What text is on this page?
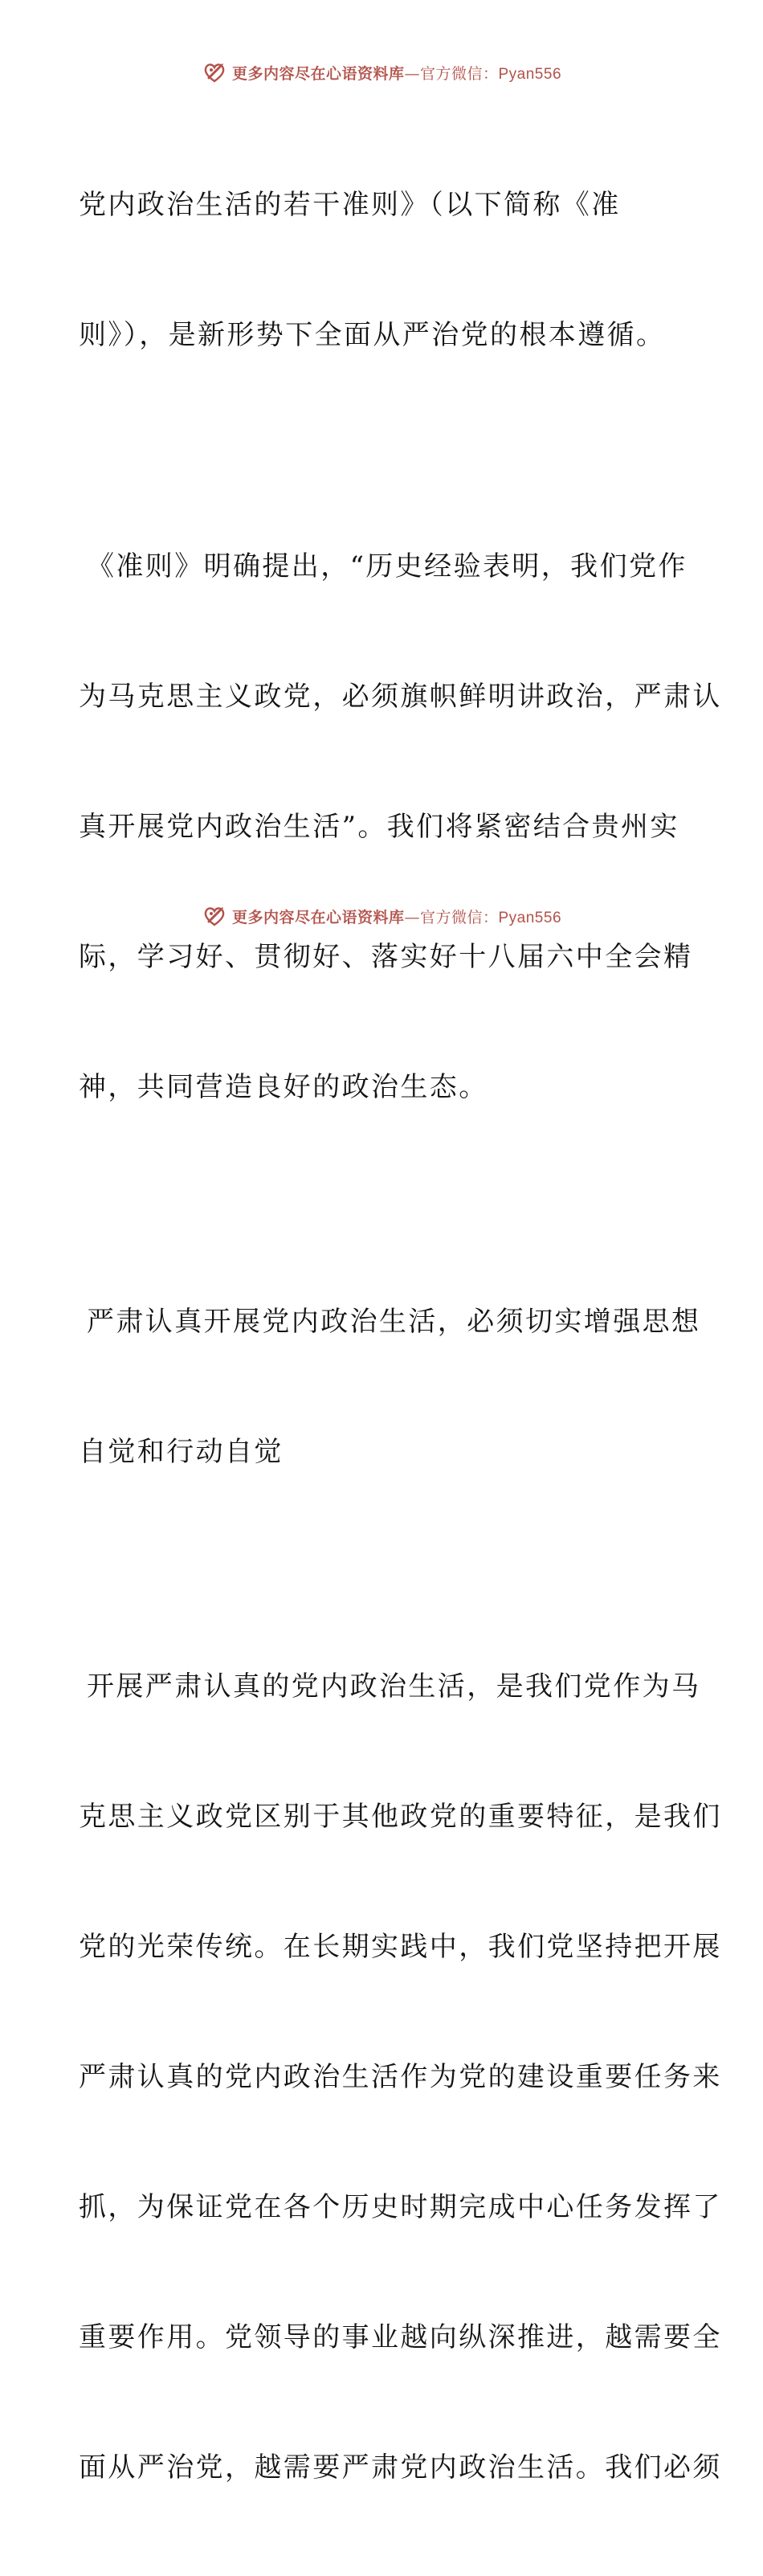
更多内容尽在心语资料库—官方微信：Pyan556

党内政治生活的若干准则》（以下简称《准

则》），是新形势下全面从严治党的根本遵循。

《准则》明确提出，“历史经验表明，我们党作

为马克思主义政党，必须旗帜鲜明讲政治，严肃认

真开展党内政治生活”。我们将紧密结合贵州实

际，学习好、贯彻好、落实好十八届六中全会精

神，共同营造良好的政治生态。

严肃认真开展党内政治生活，必须切实增强思想

自觉和行动自觉

开展严肃认真的党内政治生活，是我们党作为马

克思主义政党区别于其他政党的重要特征，是我们

党的光荣传统。在长期实践中，我们党坚持把开展

严肃认真的党内政治生活作为党的建设重要任务来

抓，为保证党在各个历史时期完成中心任务发挥了

重要作用。党领导的事业越向纵深推进，越需要全

面从严治党，越需要严肃党内政治生活。我们必须

更多内容尽在心语资料库—官方微信：Pyan556
